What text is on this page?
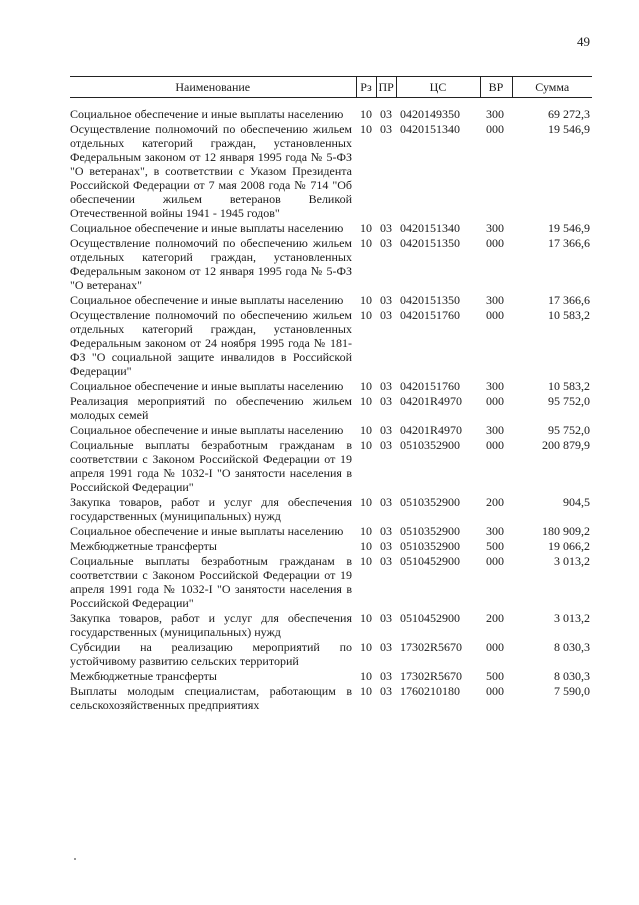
49
Наименование	Рз	ПР	ЦС	ВР	Сумма

Социальное обеспечение и иные выплаты населению	10	03	0420149350	300	69 272,3
Осуществление полномочий по обеспечению жильем отдельных категорий граждан, установленных Федеральным законом от 12 января 1995 года № 5-ФЗ "О ветеранах", в соответствии с Указом Президента Российской Федерации от 7 мая 2008 года № 714 "Об обеспечении жильем ветеранов Великой Отечественной войны 1941 - 1945 годов"	10	03	0420151340	000	19 546,9
Социальное обеспечение и иные выплаты населению	10	03	0420151340	300	19 546,9
Осуществление полномочий по обеспечению жильем отдельных категорий граждан, установленных Федеральным законом от 12 января 1995 года № 5-ФЗ "О ветеранах"	10	03	0420151350	000	17 366,6
Социальное обеспечение и иные выплаты населению	10	03	0420151350	300	17 366,6
Осуществление полномочий по обеспечению жильем отдельных категорий граждан, установленных Федеральным законом от 24 ноября 1995 года № 181-ФЗ "О социальной защите инвалидов в Российской Федерации"	10	03	0420151760	000	10 583,2
Социальное обеспечение и иные выплаты населению	10	03	0420151760	300	10 583,2
Реализация мероприятий по обеспечению жильем молодых семей	10	03	04201R4970	000	95 752,0
Социальное обеспечение и иные выплаты населению	10	03	04201R4970	300	95 752,0
Социальные выплаты безработным гражданам в соответствии с Законом Российской Федерации от 19 апреля 1991 года № 1032-I "О занятости населения в Российской Федерации"	10	03	0510352900	000	200 879,9
Закупка товаров, работ и услуг для обеспечения государственных (муниципальных) нужд	10	03	0510352900	200	904,5
Социальное обеспечение и иные выплаты населению	10	03	0510352900	300	180 909,2
Межбюджетные трансферты	10	03	0510352900	500	19 066,2
Социальные выплаты безработным гражданам в соответствии с Законом Российской Федерации от 19 апреля 1991 года № 1032-I "О занятости населения в Российской Федерации"	10	03	0510452900	000	3 013,2
Закупка товаров, работ и услуг для обеспечения государственных (муниципальных) нужд	10	03	0510452900	200	3 013,2
Субсидии на реализацию мероприятий по устойчивому развитию сельских территорий	10	03	17302R5670	000	8 030,3
Межбюджетные трансферты	10	03	17302R5670	500	8 030,3
Выплаты молодым специалистам, работающим в сельскохозяйственных предприятиях	10	03	1760210180	000	7 590,0
